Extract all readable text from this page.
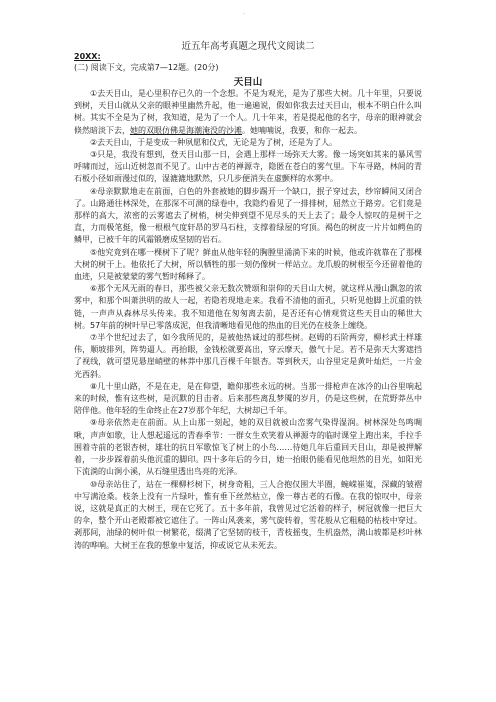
.
近五年高考真题之现代文阅读二
20XX:
(二) 阅读下文，完成第7—12题。(20分)
天目山

①去天目山，是心里积存已久的一个念想。不是为观光，是为了那些大树。几十年里，只要说到树，天目山就从父亲的眼神里幽然升起，他一遍遍说，假如你我去过天目山，根本不明白什么叫树。其实不全是为了树，我知道，是为了一个人。几十年来，若是提起他的名字，母亲的眼神就会倏然暗淡下去，她的双眼仿佛是海潮淹没的沙滩。她喃喃说，我要，和你一起去。

②去天目山，于是变成一种夙愿和仪式，无论是为了树，还是为了人。

③只是，我没有想到，登天目山那一日，会遇上那样一场弥天大雾。像一场突如其来的暴风雪呼啸而过，远山近树忽而不见了。山中古老的禅源寺，隐匿在苍白的雾气里。下车寻路，林间的青石板小径如雨漫过似的，湿漉漉地默然，只几步便消失在虚颤样的水雾中。

④母亲默默地走在前面，白色的外套被她的脚步踢开一个缺口，抿子穿过去，纱帘瞬间又闭合了。山路通往林深处，在那深不可测的绿卷中，我隐约看见了一排排树，屈然立于路旁。它们竟是那样的高大，浓密的云雾遮去了树梢，树尖伸到望不见尽头的天上去了；最令人惊叹的是树干之直，力而极笔挺，像一根根气度轩昂的罗马石柱，支撑着绿屋的穹顶。褐色的树皮一片片如鳄鱼的鳞甲，已被千年的风霜锻磨成坚韧的岩石。

⑤他究竟到在哪一棵树下了呢？鲜血从他年轻的胸膛里涌淌下来的时候，他或许就靠在了那棵大树的树干上。他依托了大树，所以牺牲的那一刻仍像树一样站立。龙爪般的树根至今还留着他的血迹，只是被蒙蒙的雾气暂时稀释了。

⑥那个无风无雨的春日，那些被父亲无数次赞颂和崇仰的天目山大树，就这样从漫山飘忽的浓雾中，和那个叫萧洪明的故人一起，若隐若现地走来。我看不清他的面孔，只听见他脚上沉重的铁链，一声声从森林尽头传来。我不知道他在匆匆离去前，是否还有心情观赏这些天目山的稀世大树。57年前的树叶早已零落成泥，但我清晰地看见他的热血的目光仍在枝条上缠绕。

⑦半个世纪过去了，如今我所见的，是被他热诚过的那些树。赵姆的石阶两旁，柳杉武士样雄伟，顺坡排列，阵势逼人。再抬眼，金钱松就要高出，穿云摩天，傲气十足。若不是弥天大雾遮挡了视线，就可望见悬崖峭壁的林莽中那几百棵千年银杏。等到秋天，山谷里定是黄叶灿烂，一片金光西斜。

⑧几十里山路，不是在走，是在仰望，瞻仰那些永远的树。当那一排枪声在冰冷的山谷里响起来的时候，惟有这些树，是沉默的目击者。后来那些离乱梦魇的岁月，仍是这些树，在荒野莽丛中陪伴他。他年轻的生命终止在27岁那个年纪，大树却已千年。

⑨母亲依然走在前面。从上山那一刻起，她的双目就被山峦雾气染得湿润。树林深处鸟鸣啁啾，声声如歌，让人想起遥远的青春季节：一群女生欢笑着从禅源寺的临时课堂上跑出来，手拉手围着寺前的老银杏树，雄壮的抗日军歌惊飞了树上的小鸟……待她几年后重回天目山，却是被押解着，一步步踩着前头他沉重的脚印。四十多年后的今日，她一抬眼仍能看见他坦然的目光，如阳光下流淌的山涧小溪，从石缝里透出鸟亮的光泽。

⑩母亲站住了，站在一棵柳杉树下，树身奇粗，三人合抱仅围大半圈，蜿嵘崔嵬，深藏的皱褶中写满沧桑。枝条上没有一片绿叶，惟有垂下丝然枯立，像一尊古老的石像。在我的惊叹中，母亲说，这就是真正的大树王，现在它死了。五十多年前，我曾见过它活着的样子，树冠就像一把巨大的伞，整个开山老殿都被它遮住了。一阵山风袭来，雾气旋转着，雪花般从它粗糙的枯枝中穿过。剥那间，油绿的树叶似一树繁花，缀满了它坚韧的枝干，青枝摇曳，生机盎然，满山坡都是杉叶林涛的哗响。大树王在我的想象中复活，抑或说它从未死去。
